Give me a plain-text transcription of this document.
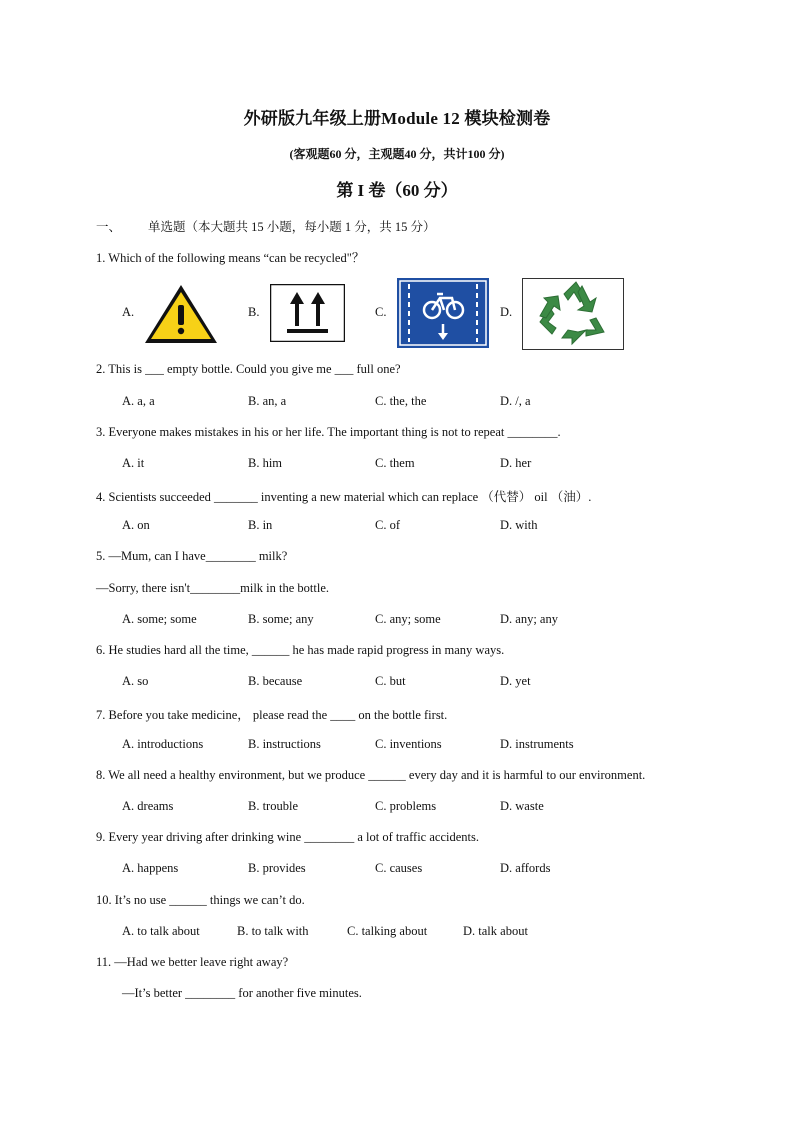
外研版九年级上册Module 12 模块检测卷
(客观题60 分，主观题40 分，共计100 分)
第 I 卷（60 分）
一、 单选题（本大题共 15 小题，每小题 1 分，共 15 分）
1. Which of the following means “can be recycled"？
A.	B.	C.	D.
2. This is ___ empty bottle. Could you give me ___ full one?
A. a, a	B. an, a	C. the, the	D. /, a
3. Everyone makes mistakes in his or her life. The important thing is not to repeat ________.
A. it	B. him	C. them	D. her
4. Scientists succeeded _______ inventing a new material which can replace （代替） oil （油）.
A. on	B. in	C. of	D. with
5. —Mum, can I have________ milk?
—Sorry, there isn't________milk in the bottle.
A. some; some	B. some; any	C. any; some	D. any; any
6. He studies hard all the time, ______ he has made rapid progress in many ways.
A. so	B. because	C. but	D. yet
7. Before you take medicine， please read the ____ on the bottle first.
A. introductions	B. instructions	C. inventions	D. instruments
8. We all need a healthy environment, but we produce ______ every day and it is harmful to our environment.
A. dreams	B. trouble	C. problems	D. waste
9. Every year driving after drinking wine ________ a lot of traffic accidents.
A. happens	B. provides	C. causes	D. affords
10. It’s no use ______ things we can’t do.
A. to talk about	B. to talk with	C. talking about	D. talk about
11. —Had we better leave right away?
—It’s better ________ for another five minutes.
